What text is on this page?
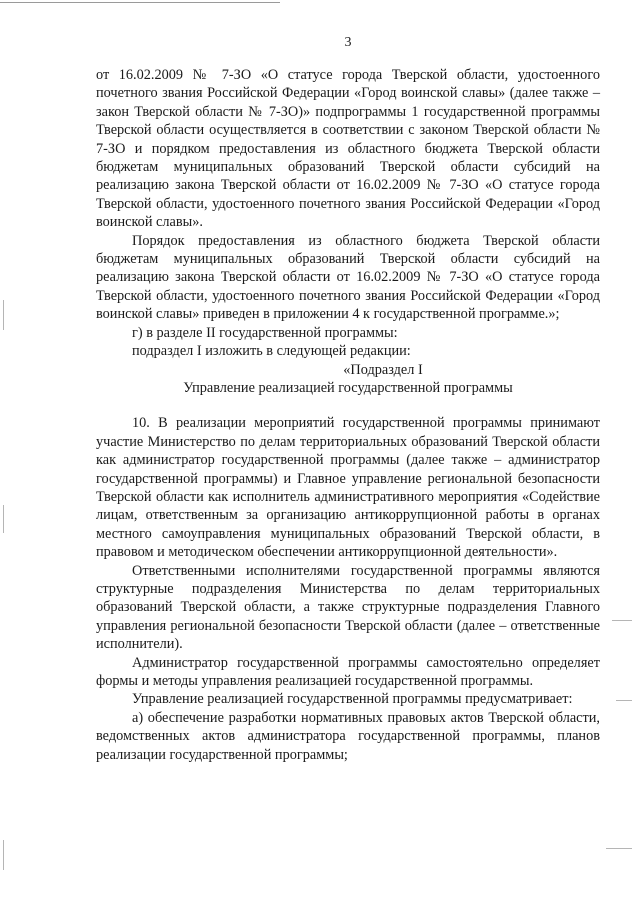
3

от 16.02.2009 № 7-ЗО «О статусе города Тверской области, удостоенного почетного звания Российской Федерации «Город воинской славы» (далее также – закон Тверской области № 7-ЗО)» подпрограммы 1 государственной программы Тверской области осуществляется в соответствии с законом Тверской области № 7-ЗО и порядком предоставления из областного бюджета Тверской области бюджетам муниципальных образований Тверской области субсидий на реализацию закона Тверской области от 16.02.2009 № 7-ЗО «О статусе города Тверской области, удостоенного почетного звания Российской Федерации «Город воинской славы».

Порядок предоставления из областного бюджета Тверской области бюджетам муниципальных образований Тверской области субсидий на реализацию закона Тверской области от 16.02.2009 № 7-ЗО «О статусе города Тверской области, удостоенного почетного звания Российской Федерации «Город воинской славы» приведен в приложении 4 к государственной программе.»;

г) в разделе II государственной программы:

подраздел I изложить в следующей редакции:

«Подраздел I

Управление реализацией государственной программы

10. В реализации мероприятий государственной программы принимают участие Министерство по делам территориальных образований Тверской области как администратор государственной программы (далее также – администратор государственной программы) и Главное управление региональной безопасности Тверской области как исполнитель административного мероприятия «Содействие лицам, ответственным за организацию антикоррупционной работы в органах местного самоуправления муниципальных образований Тверской области, в правовом и методическом обеспечении антикоррупционной деятельности».

Ответственными исполнителями государственной программы являются структурные подразделения Министерства по делам территориальных образований Тверской области, а также структурные подразделения Главного управления региональной безопасности Тверской области (далее – ответственные исполнители).

Администратор государственной программы самостоятельно определяет формы и методы управления реализацией государственной программы.

Управление реализацией государственной программы предусматривает:

а) обеспечение разработки нормативных правовых актов Тверской области, ведомственных актов администратора государственной программы, планов реализации государственной программы;
